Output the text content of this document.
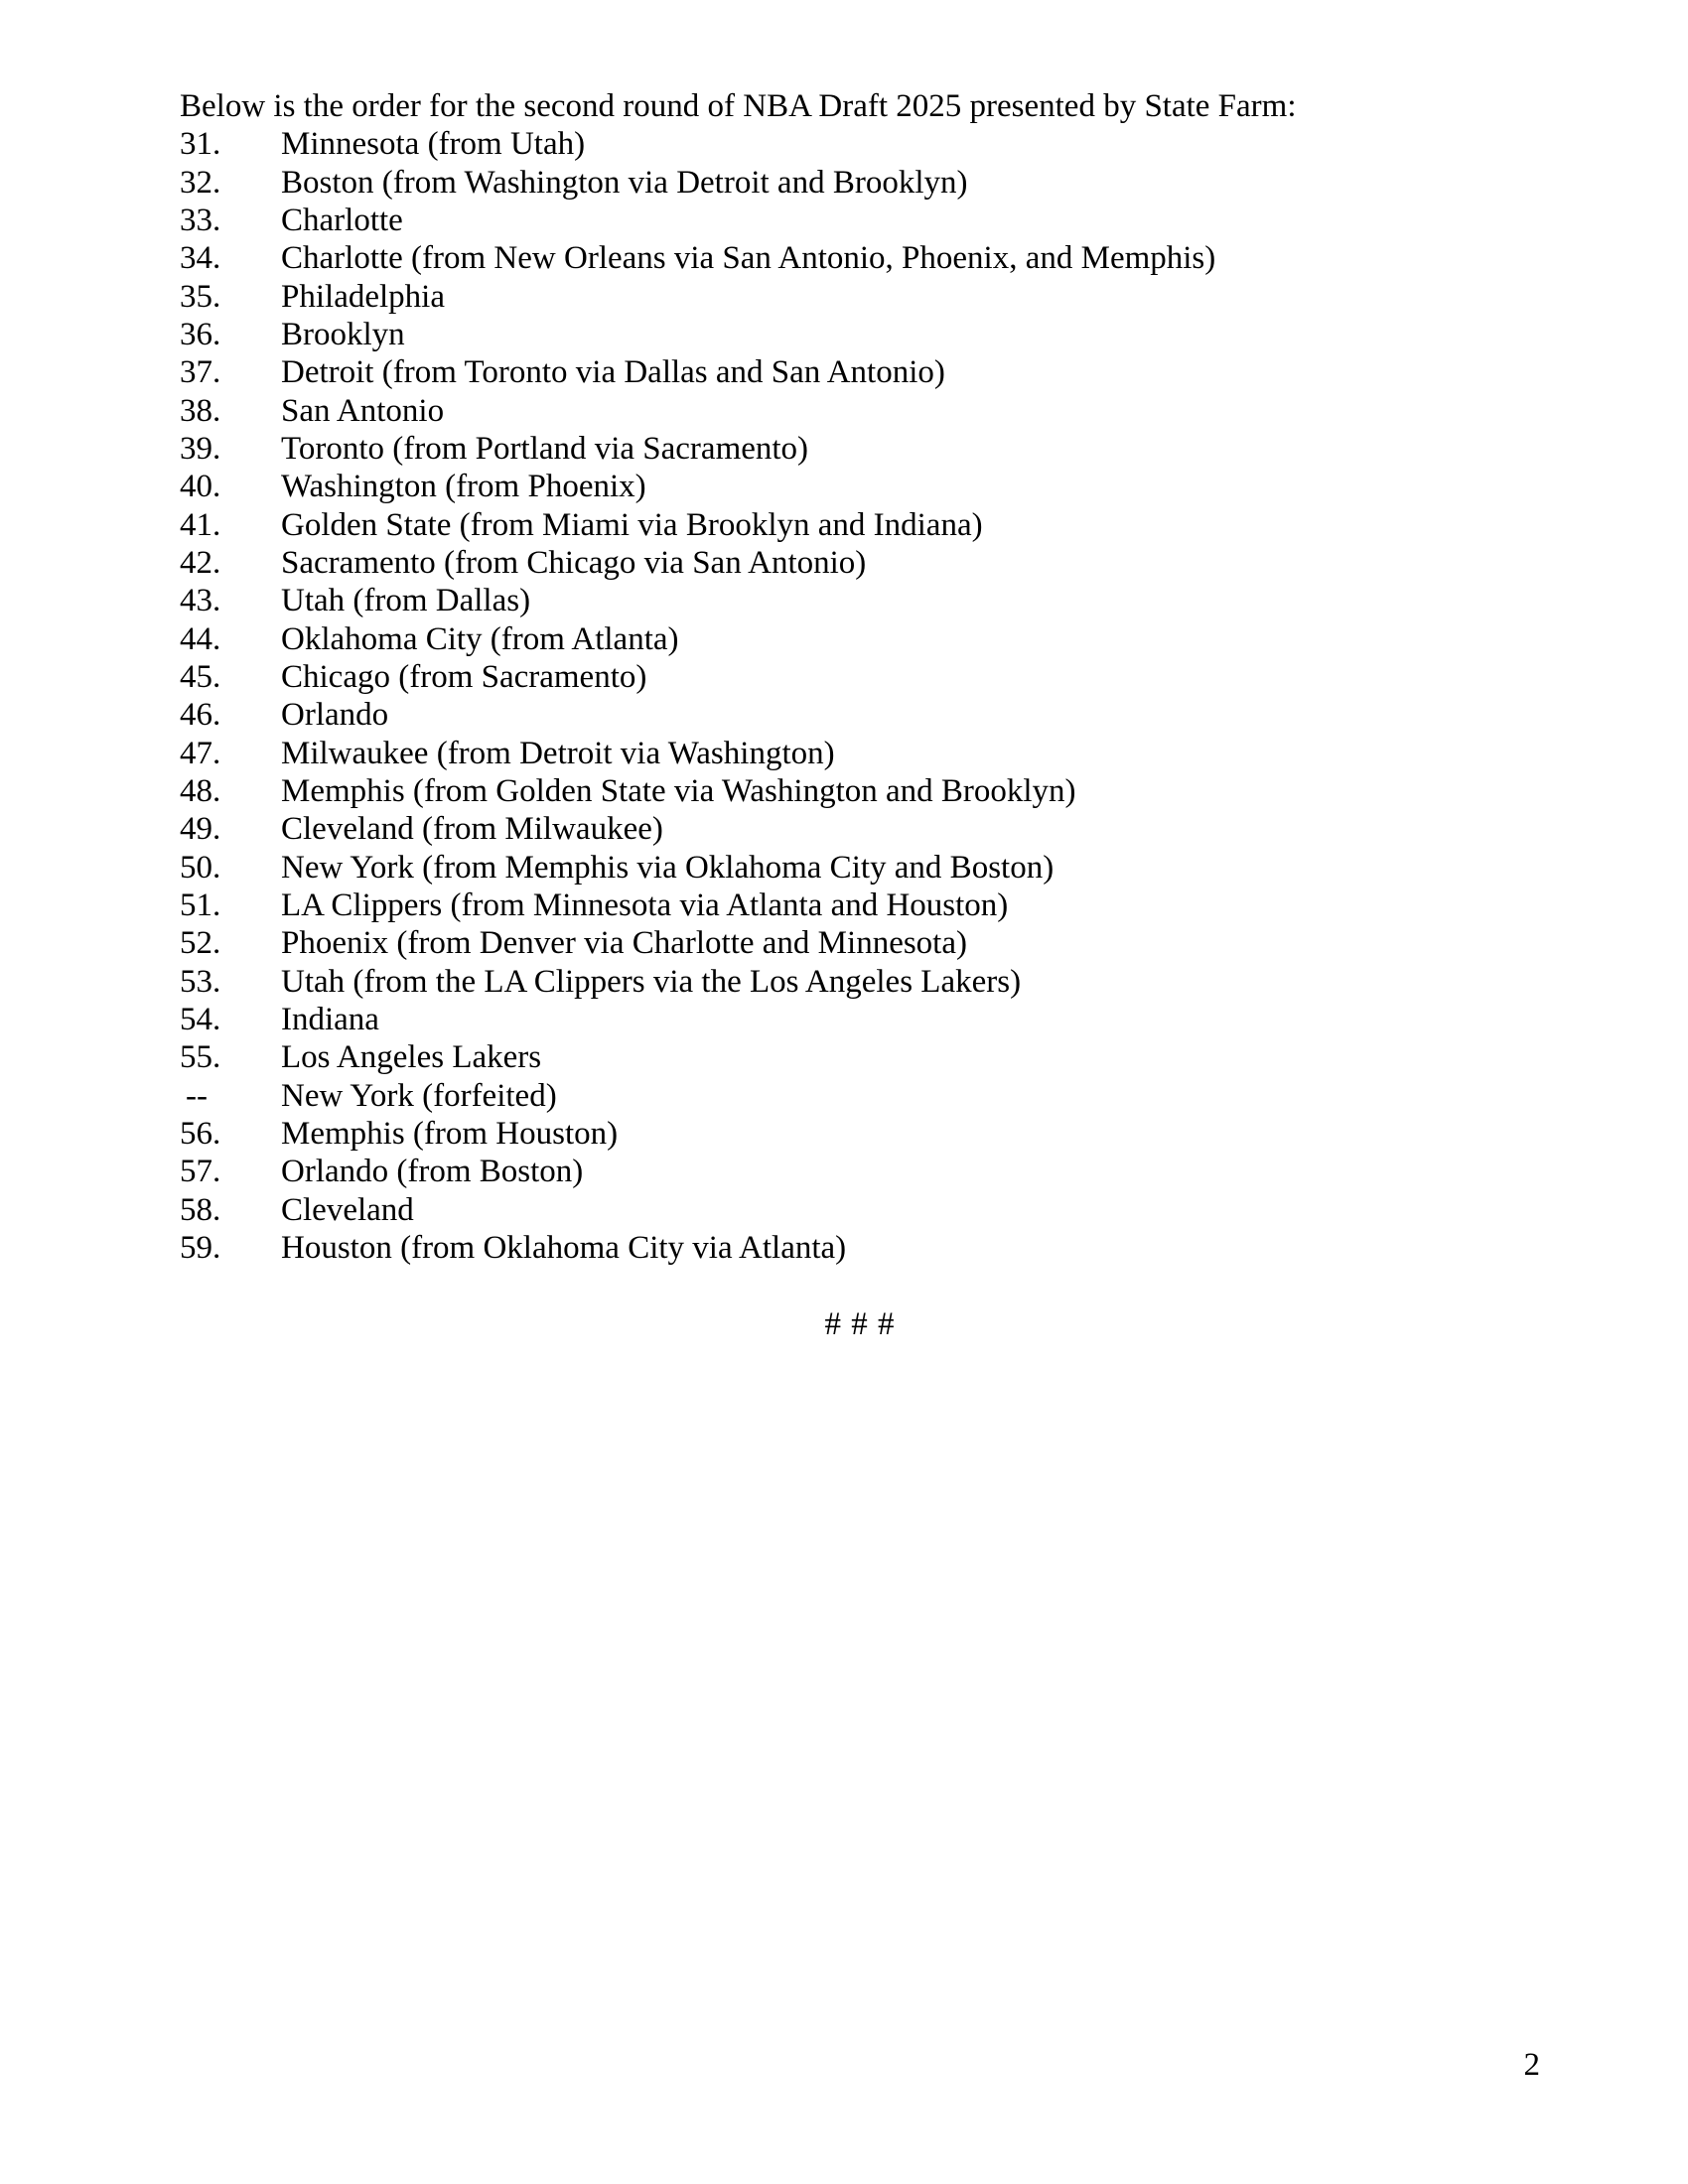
Below is the order for the second round of NBA Draft 2025 presented by State Farm:
31.	Minnesota (from Utah)
32.	Boston (from Washington via Detroit and Brooklyn)
33.	Charlotte
34.	Charlotte (from New Orleans via San Antonio, Phoenix, and Memphis)
35.	Philadelphia
36.	Brooklyn
37.	Detroit (from Toronto via Dallas and San Antonio)
38.	San Antonio
39.	Toronto (from Portland via Sacramento)
40.	Washington (from Phoenix)
41.	Golden State (from Miami via Brooklyn and Indiana)
42.	Sacramento (from Chicago via San Antonio)
43.	Utah (from Dallas)
44.	Oklahoma City (from Atlanta)
45.	Chicago (from Sacramento)
46.	Orlando
47.	Milwaukee (from Detroit via Washington)
48.	Memphis (from Golden State via Washington and Brooklyn)
49.	Cleveland (from Milwaukee)
50.	New York (from Memphis via Oklahoma City and Boston)
51.	LA Clippers (from Minnesota via Atlanta and Houston)
52.	Phoenix (from Denver via Charlotte and Minnesota)
53.	Utah (from the LA Clippers via the Los Angeles Lakers)
54.	Indiana
55.	Los Angeles Lakers
--	New York (forfeited)
56.	Memphis (from Houston)
57.	Orlando (from Boston)
58.	Cleveland
59.	Houston (from Oklahoma City via Atlanta)
# # #
2
